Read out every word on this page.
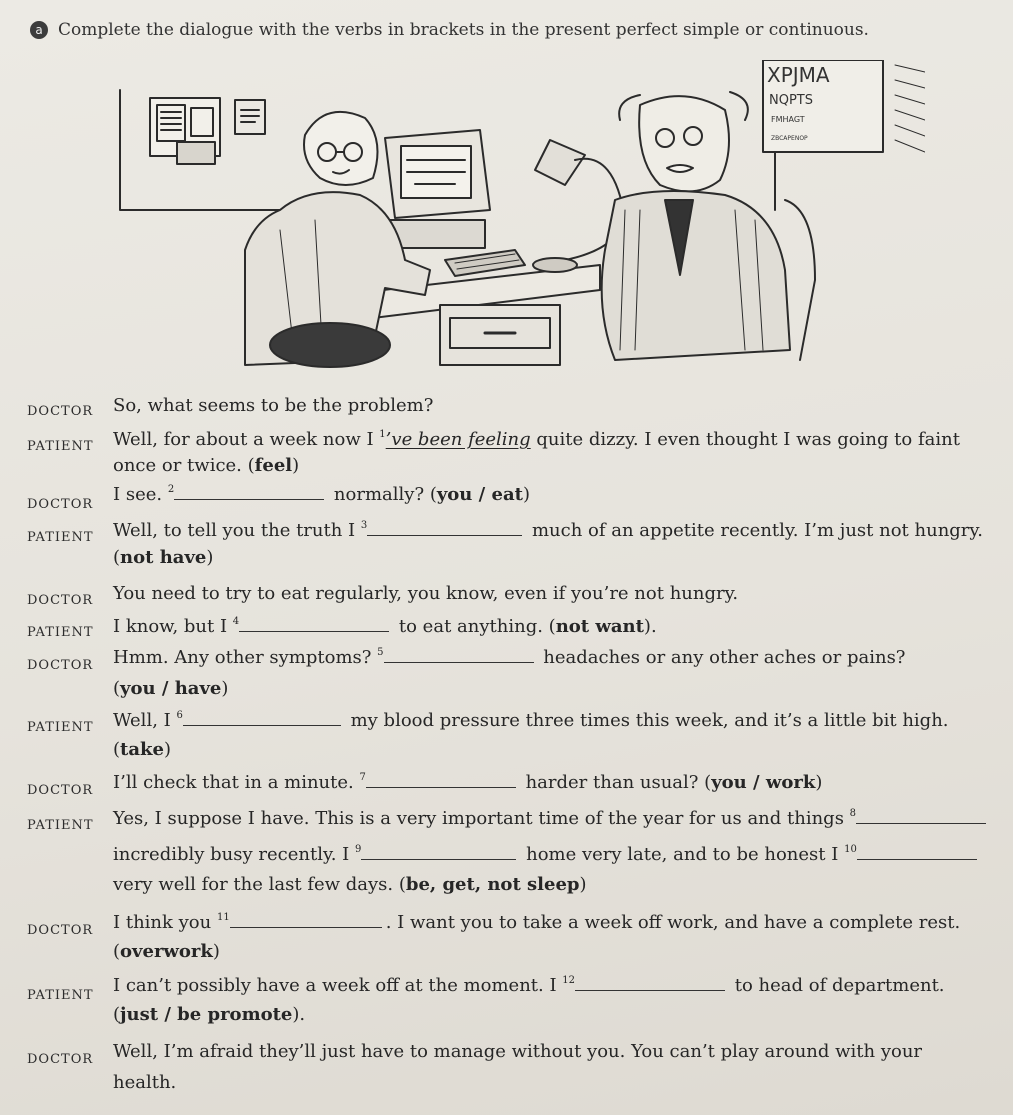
a Complete the dialogue with the verbs in brackets in the present perfect simple or continuous.
XPJMA
NQPTS
FMHAGT
ZBCAPENOP
DOCTOR So, what seems to be the problem?
PATIENT Well, for about a week now I $^1$’ve been feeling quite dizzy. I even thought I was going to faint
once or twice. (feel)
DOCTOR I see. $^2$	normally? (you / eat)
PATIENT Well, to tell you the truth I $^3$	much of an appetite recently. I’m just not hungry.
(not have)
DOCTOR You need to try to eat regularly, you know, even if you’re not hungry.
PATIENT I know, but I $^4$	to eat anything. (not want).
DOCTOR Hmm. Any other symptoms? $^5$	headaches or any other aches or pains?
(you / have)
PATIENT Well, I $^6$	my blood pressure three times this week, and it’s a little bit high.
(take)
DOCTOR I’ll check that in a minute. $^7$	harder than usual? (you / work)
PATIENT Yes, I suppose I have. This is a very important time of the year for us and things $^8$
incredibly busy recently. I $^9$	home very late, and to be honest I $^{10}$
very well for the last few days. (be, get, not sleep)
DOCTOR I think you $^{11}$	. I want you to take a week off work, and have a complete rest.
(overwork)
PATIENT I can’t possibly have a week off at the moment. I $^{12}$	to head of department.
(just / be promote).
DOCTOR Well, I’m afraid they’ll just have to manage without you. You can’t play around with your
health.
